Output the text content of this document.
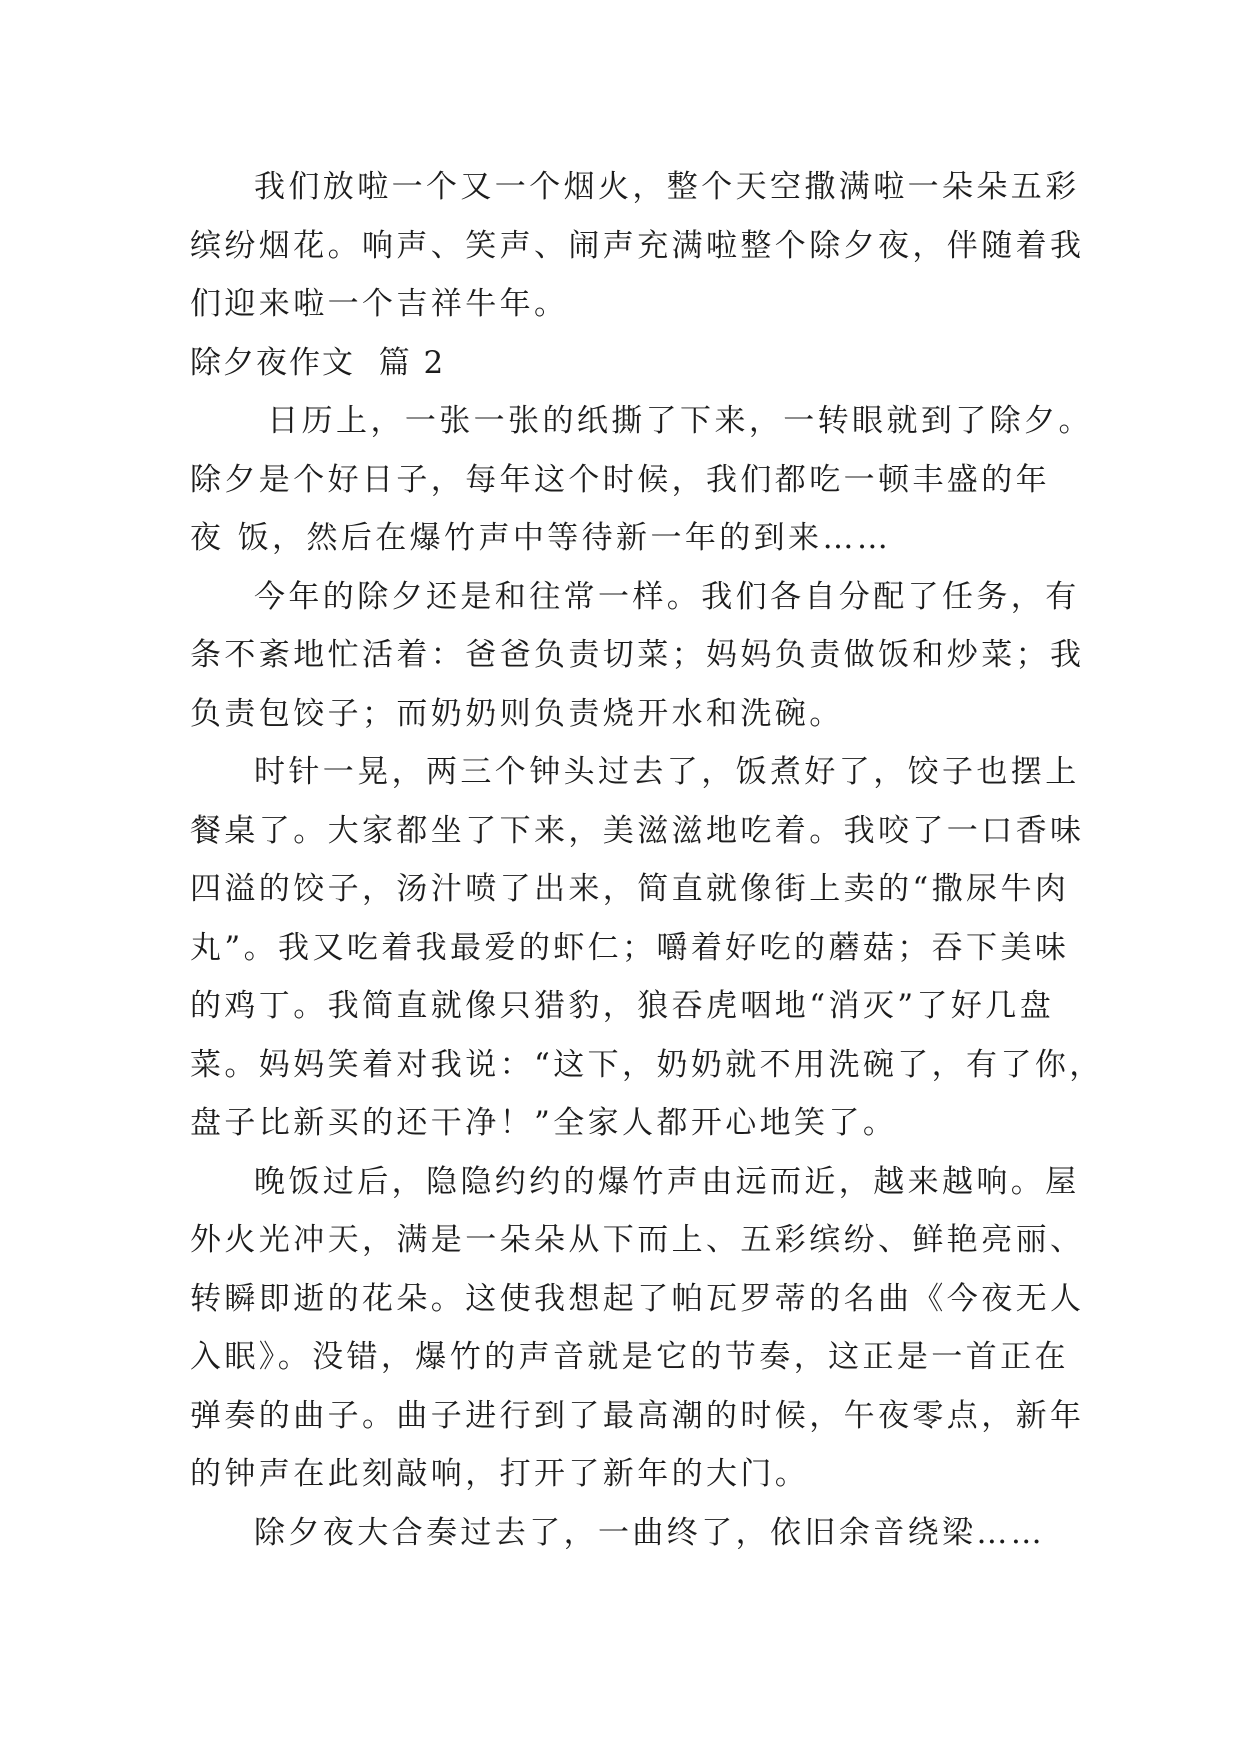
我们放啦一个又一个烟火，整个天空撒满啦一朵朵五彩
缤纷烟花。响声、笑声、闹声充满啦整个除夕夜，伴随着我
们迎来啦一个吉祥牛年。
除夕夜作文  篇 2
日历上，一张一张的纸撕了下来，一转眼就到了除夕。
除夕是个好日子，每年这个时候，我们都吃一顿丰盛的年
夜 饭，然后在爆竹声中等待新一年的到来……
今年的除夕还是和往常一样。我们各自分配了任务，有
条不紊地忙活着：爸爸负责切菜；妈妈负责做饭和炒菜；我
负责包饺子；而奶奶则负责烧开水和洗碗。
时针一晃，两三个钟头过去了，饭煮好了，饺子也摆上
餐桌了。大家都坐了下来，美滋滋地吃着。我咬了一口香味
四溢的饺子，汤汁喷了出来，简直就像街上卖的“撒尿牛肉
丸”。我又吃着我最爱的虾仁；嚼着好吃的蘑菇；吞下美味
的鸡丁。我简直就像只猎豹，狼吞虎咽地“消灭”了好几盘
菜。妈妈笑着对我说：“这下，奶奶就不用洗碗了，有了你，
盘子比新买的还干净！”全家人都开心地笑了。
晚饭过后，隐隐约约的爆竹声由远而近，越来越响。屋
外火光冲天，满是一朵朵从下而上、五彩缤纷、鲜艳亮丽、
转瞬即逝的花朵。这使我想起了帕瓦罗蒂的名曲《今夜无人
入眠》。没错，爆竹的声音就是它的节奏，这正是一首正在
弹奏的曲子。曲子进行到了最高潮的时候，午夜零点，新年
的钟声在此刻敲响，打开了新年的大门。
除夕夜大合奏过去了，一曲终了，依旧余音绕梁……
